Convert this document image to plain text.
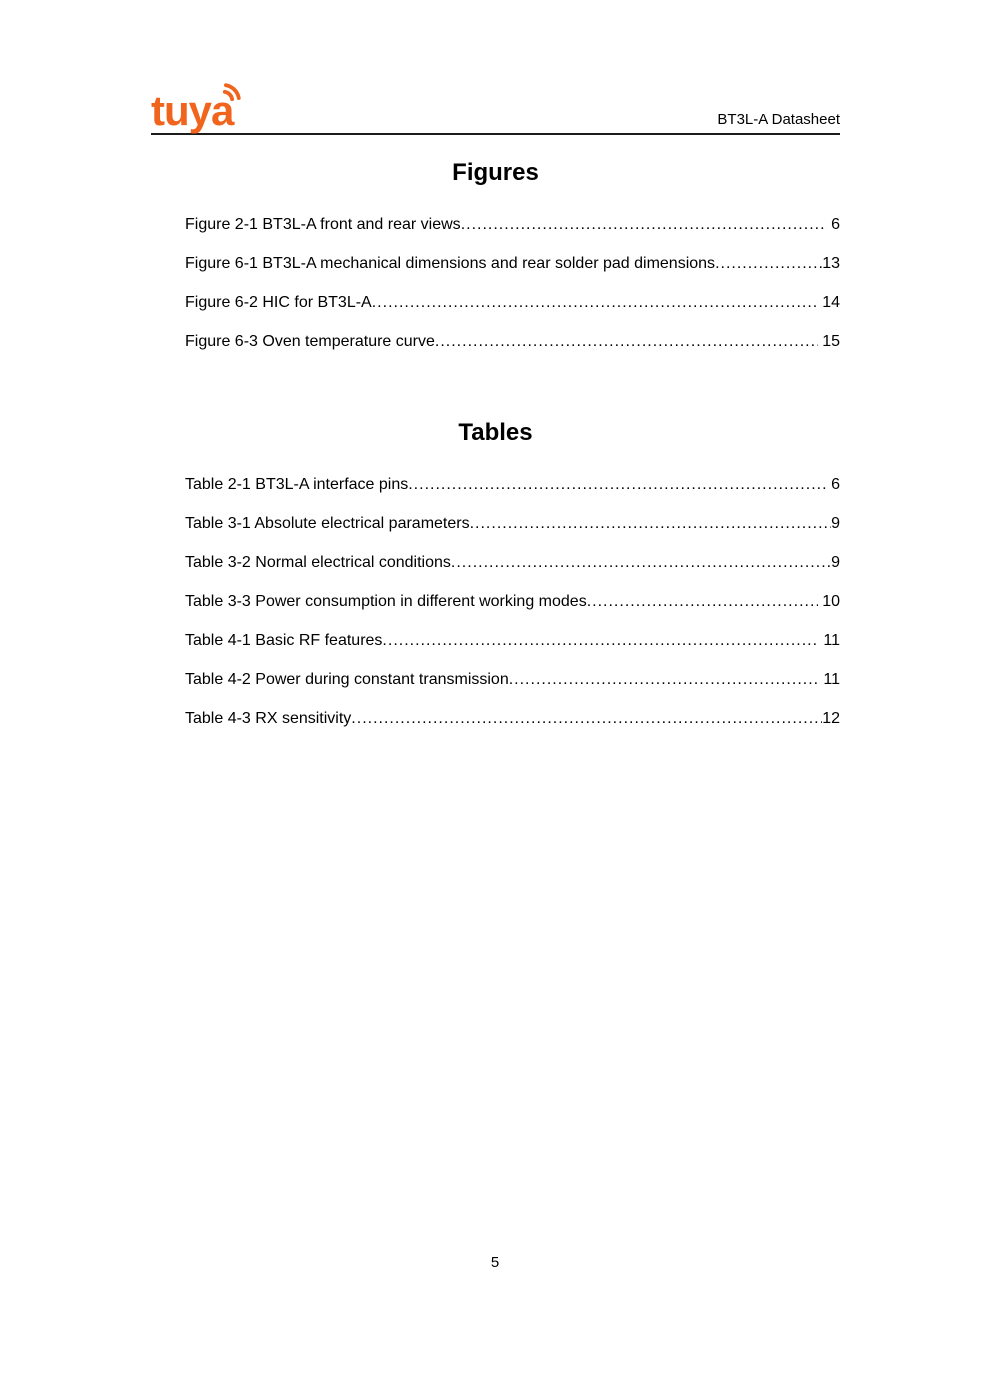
tuya	BT3L-A Datasheet
Figures
Figure 2-1 BT3L-A front and rear views .....	6
Figure 6-1 BT3L-A mechanical dimensions and rear solder pad dimensions .....	13
Figure 6-2 HIC for BT3L-A .....	14
Figure 6-3 Oven temperature curve .....	15
Tables
Table 2-1 BT3L-A interface pins .....	6
Table 3-1 Absolute electrical parameters .....	9
Table 3-2 Normal electrical conditions .....	9
Table 3-3 Power consumption in different working modes .....	10
Table 4-1 Basic RF features .....	11
Table 4-2 Power during constant transmission .....	11
Table 4-3 RX sensitivity .....	12
5
